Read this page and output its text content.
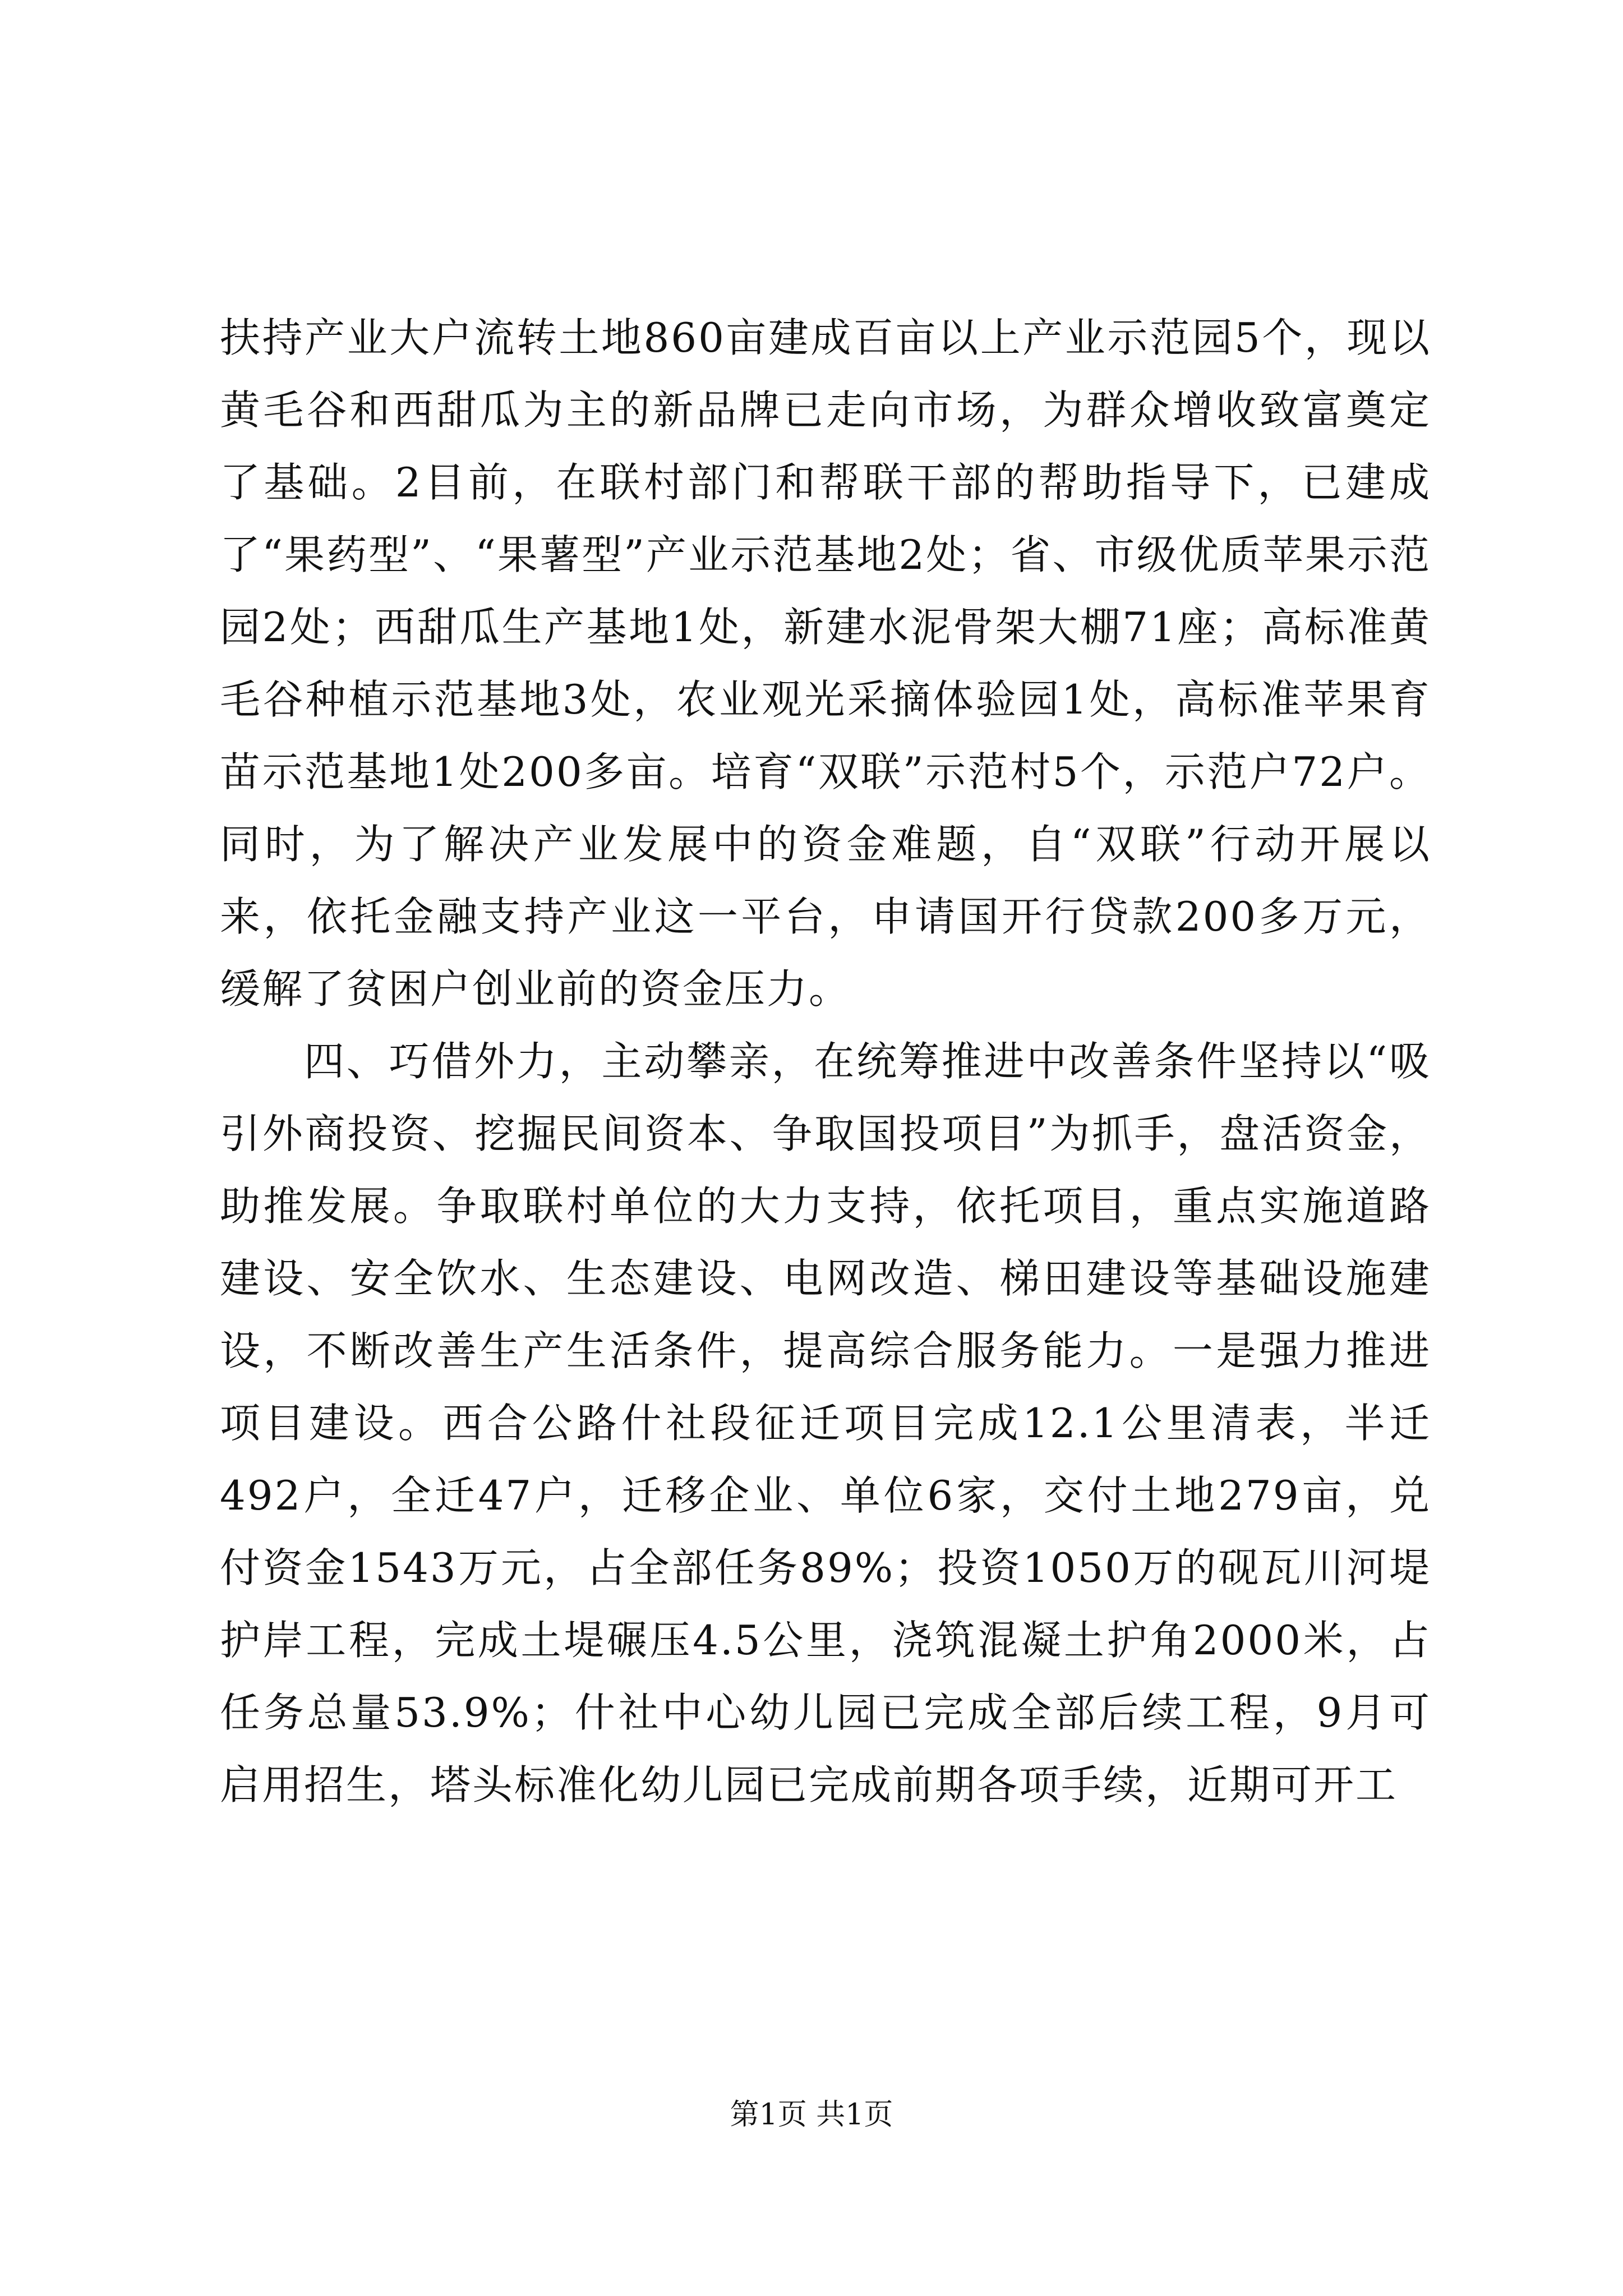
扶持产业大户流转土地860亩建成百亩以上产业示范园5个，现以黄毛谷和西甜瓜为主的新品牌已走向市场，为群众增收致富奠定了基础。2目前，在联村部门和帮联干部的帮助指导下，已建成了“果药型”、“果薯型”产业示范基地2处；省、市级优质苹果示范园2处；西甜瓜生产基地1处，新建水泥骨架大棚71座；高标准黄毛谷种植示范基地3处，农业观光采摘体验园1处，高标准苹果育苗示范基地1处200多亩。培育“双联”示范村5个，示范户72户。同时，为了解决产业发展中的资金难题，自“双联”行动开展以来，依托金融支持产业这一平台，申请国开行贷款200多万元，缓解了贫困户创业前的资金压力。

四、巧借外力，主动攀亲，在统筹推进中改善条件坚持以“吸引外商投资、挖掘民间资本、争取国投项目”为抓手，盘活资金，助推发展。争取联村单位的大力支持，依托项目，重点实施道路建设、安全饮水、生态建设、电网改造、梯田建设等基础设施建设，不断改善生产生活条件，提高综合服务能力。一是强力推进项目建设。西合公路什社段征迁项目完成12.1公里清表，半迁492户，全迁47户，迁移企业、单位6家，交付土地279亩，兑付资金1543万元，占全部任务89%；投资1050万的砚瓦川河堤护岸工程，完成土堤碾压4.5公里，浇筑混凝土护角2000米，占任务总量53.9%；什社中心幼儿园已完成全部后续工程，9月可启用招生，塔头标准化幼儿园已完成前期各项手续，近期可开工

第1页 共1页
